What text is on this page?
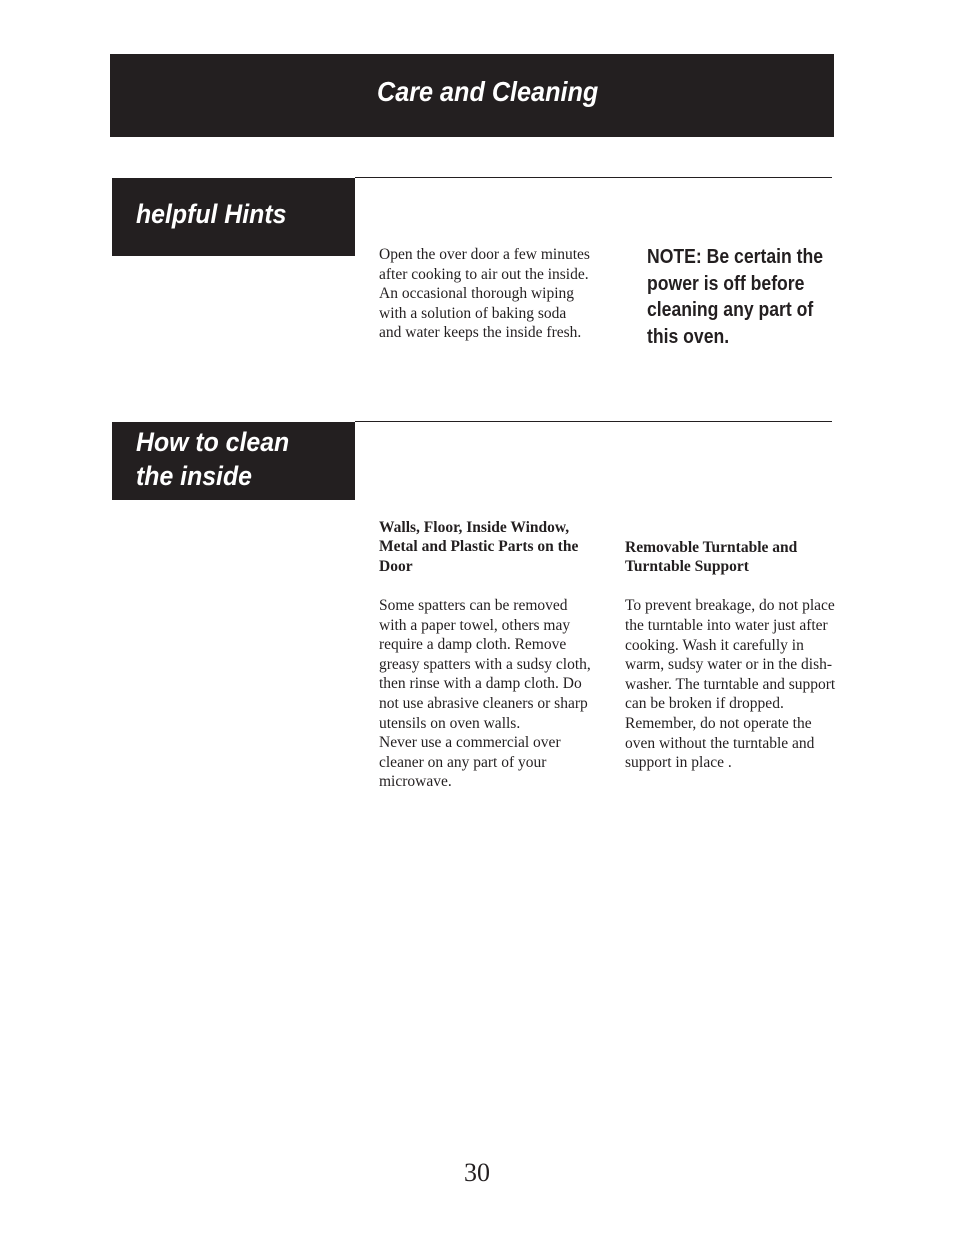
Care and Cleaning
helpful Hints
Open the over door a few minutes
after cooking to air out the inside.
An occasional thorough wiping
with a solution of baking soda
and water keeps the inside fresh.
NOTE: Be certain the
power is off before
cleaning any part of
this oven.
How to clean
the inside

Walls, Floor, Inside Window,
Metal and Plastic Parts on the
Door

Some spatters can be removed
with a paper towel, others may
require a damp cloth. Remove
greasy spatters with a sudsy cloth,
then rinse with a damp cloth. Do
not use abrasive cleaners or sharp
utensils on oven walls.
Never use a commercial over
cleaner on any part of your
microwave.

Removable Turntable and
Turntable Support

To prevent breakage, do not place
the turntable into water just after
cooking. Wash it carefully in
warm, sudsy water or in the dish-
washer. The turntable and support
can be broken if dropped.
Remember, do not operate the
oven without the turntable and
support in place .

30
